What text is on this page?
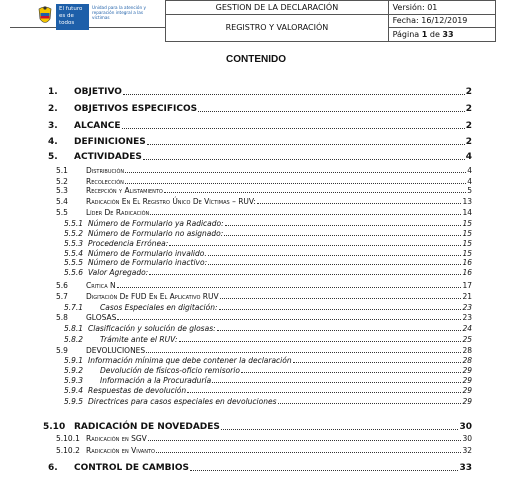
El futuro
es de todos
Unidad para la atención y reparación integral a las víctimas	GESTION DE LA DECLARACIÓN	Versión: 01
	REGISTRO Y VALORACIÓN	Fecha: 16/12/2019
		Página 1 de 33
CONTENIDO
1. OBJETIVO	2
2. OBJETIVOS ESPECIFICOS	2
3. ALCANCE	2
4. DEFINICIONES	2
5. ACTIVIDADES	4
5.1 Distribución	4
5.2 Recolección	4
5.3 Recepción y Alistamiento	5
5.4 Radicación En El Registro Único De Víctimas – RUV:	13
5.5 Líder De Radicación	14
5.5.1 Número de Formulario ya Radicado:	15
5.5.2 Número de Formulario no asignado:	15
5.5.3 Procedencia Errónea:	15
5.5.4 Número de Formulario invalido.	15
5.5.5 Número de Formulario inactivo:	16
5.5.6 Valor Agregado:	16
5.6 Critica N	17
5.7 Digitación De FUD En El Aplicativo RUV	21
5.7.1 Casos Especiales en digitación:	23
5.8 GLOSAS	23
5.8.1 Clasificación y solución de glosas:	24
5.8.2 Trámite ante el RUV:	25
5.9 DEVOLUCIONES	28
5.9.1 Información mínima que debe contener la declaración	28
5.9.2 Devolución de físicos-oficio remisorio	29
5.9.3 Información a la Procuraduría	29
5.9.4 Respuestas de devolución	29
5.9.5 Directrices para casos especiales en devoluciones	29
5.10 RADICACIÓN DE NOVEDADES	30
5.10.1 Radicación en SGV	30
5.10.2 Radicación en Vivanto	32
6. CONTROL DE CAMBIOS	33
